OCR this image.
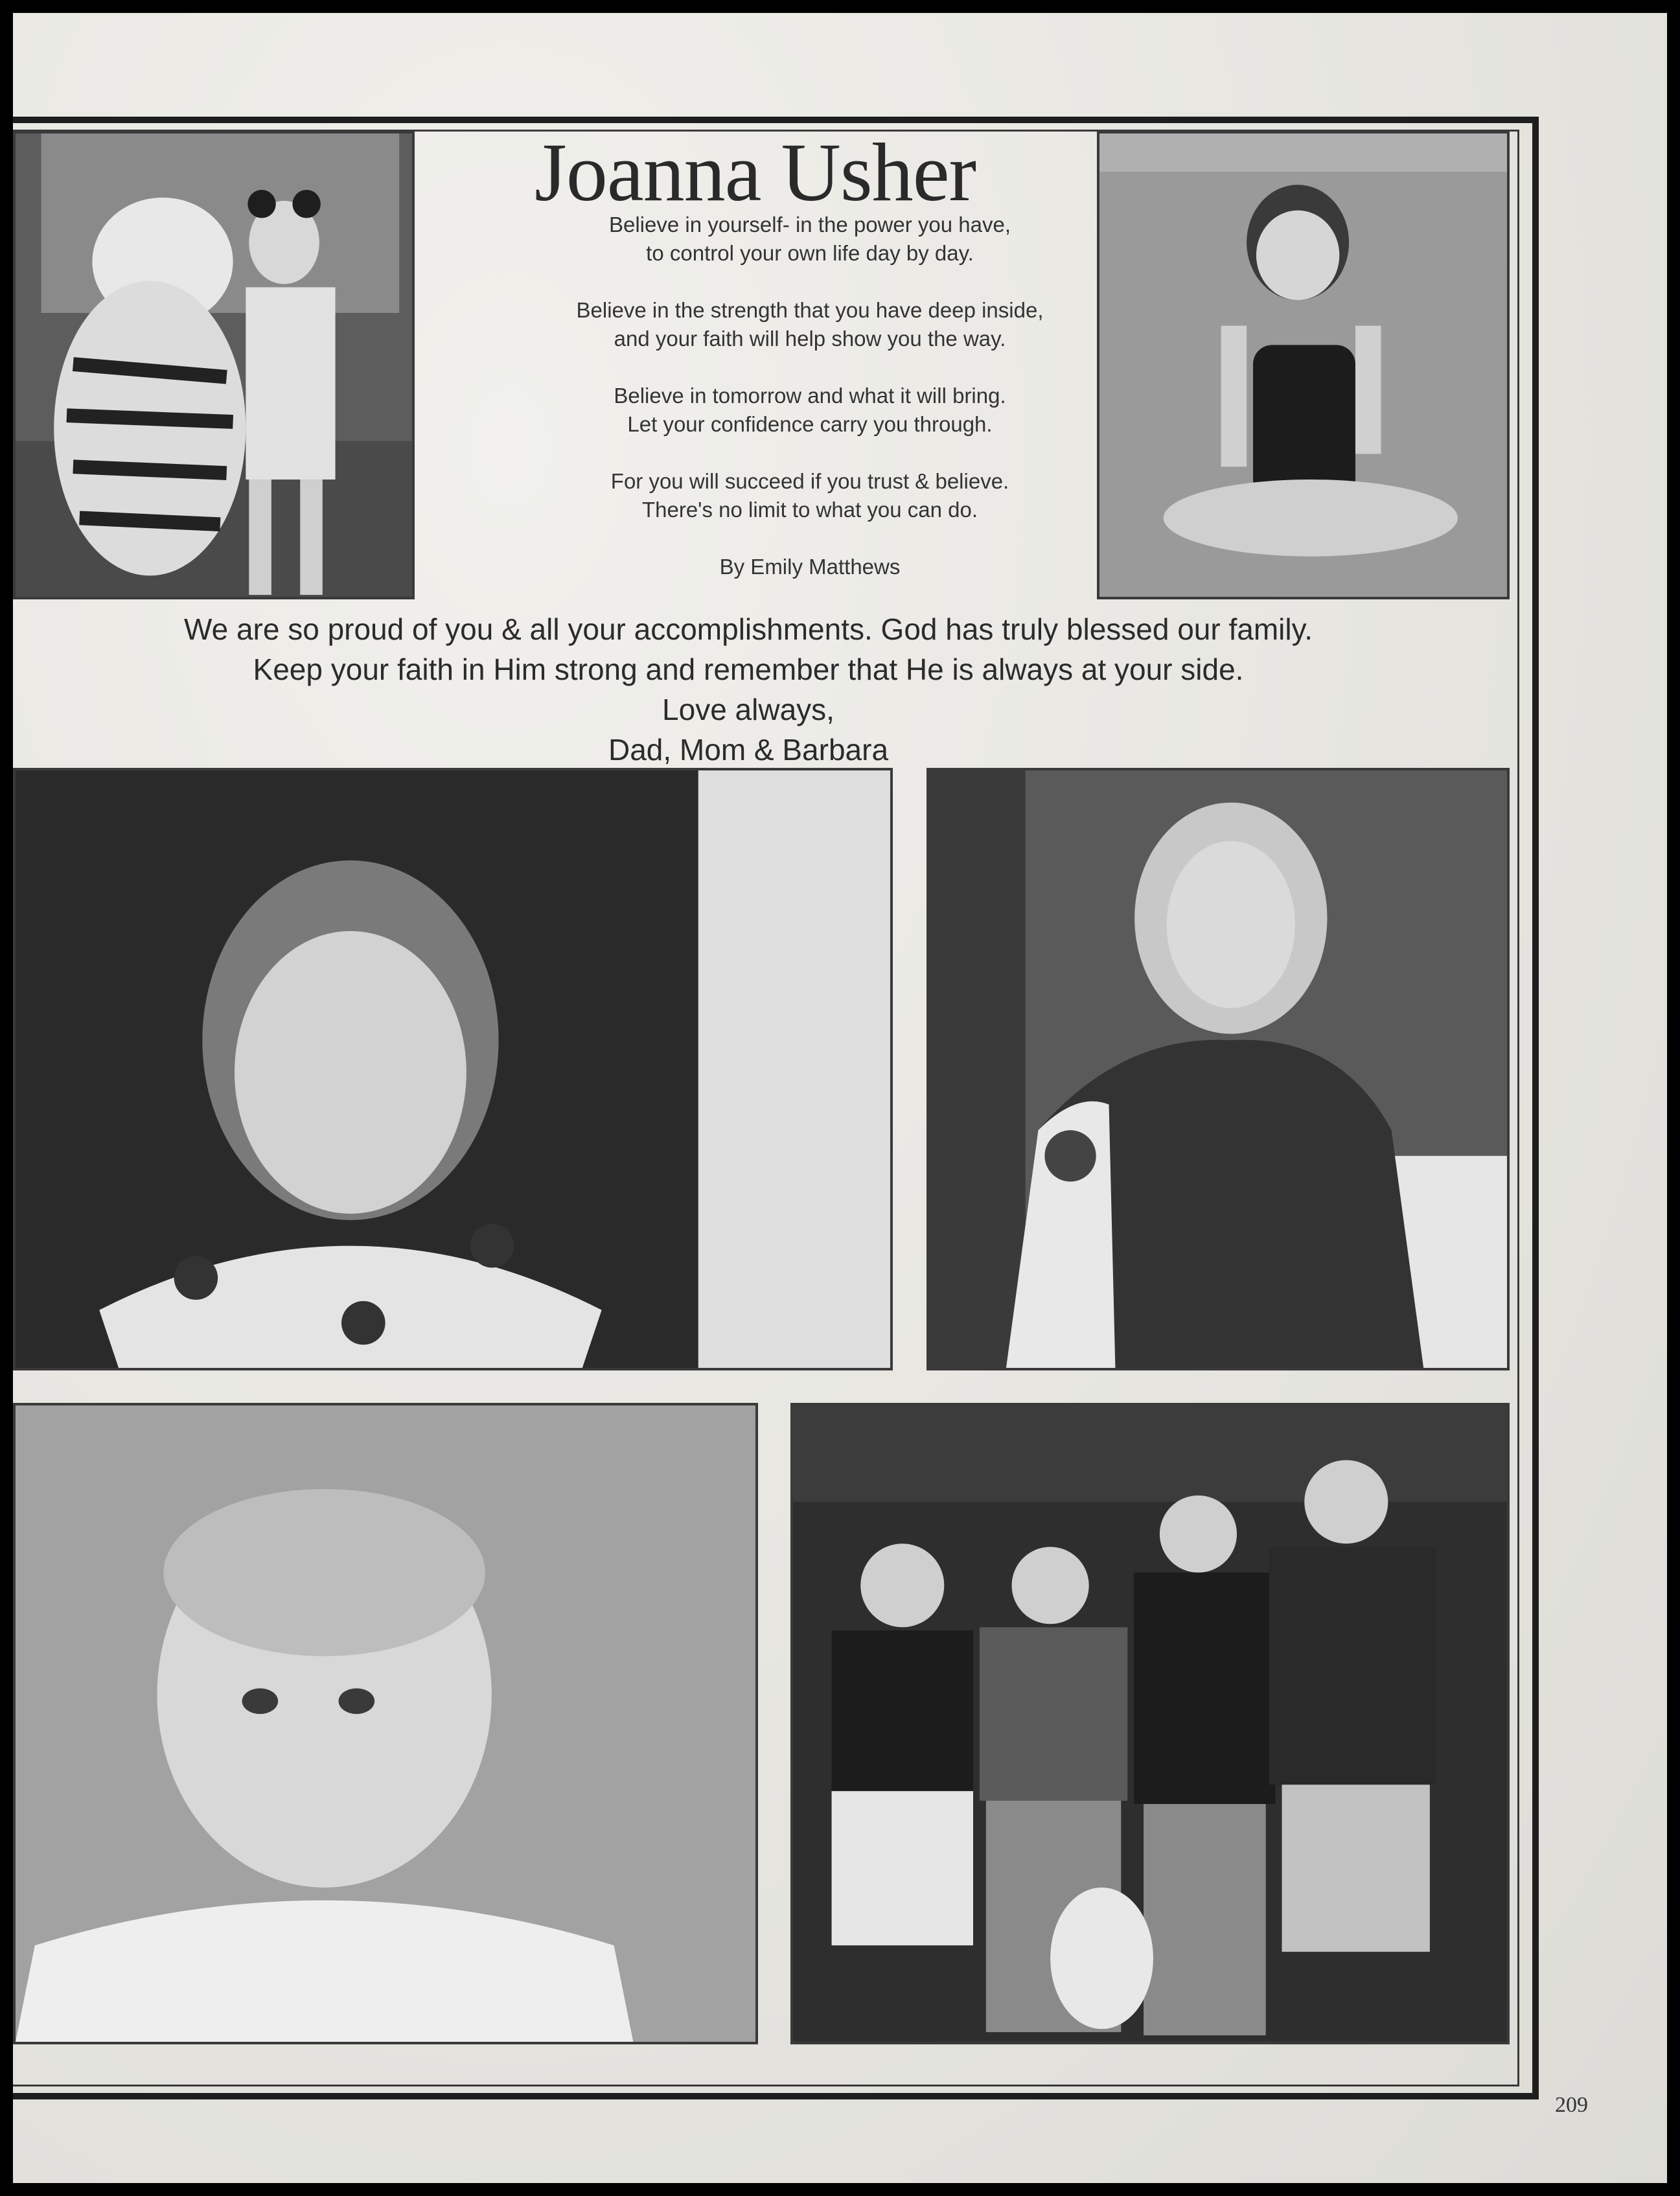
Joanna Usher

Believe in yourself- in the power you have,
to control your own life day by day.

Believe in the strength that you have deep inside,
and your faith will help show you the way.

Believe in tomorrow and what it will bring.
Let your confidence carry you through.

For you will succeed if you trust & believe.
There's no limit to what you can do.

By Emily Matthews
We are so proud of you & all your accomplishments. God has truly blessed our family.
Keep your faith in Him strong and remember that He is always at your side.
Love always,
Dad, Mom & Barbara
209
